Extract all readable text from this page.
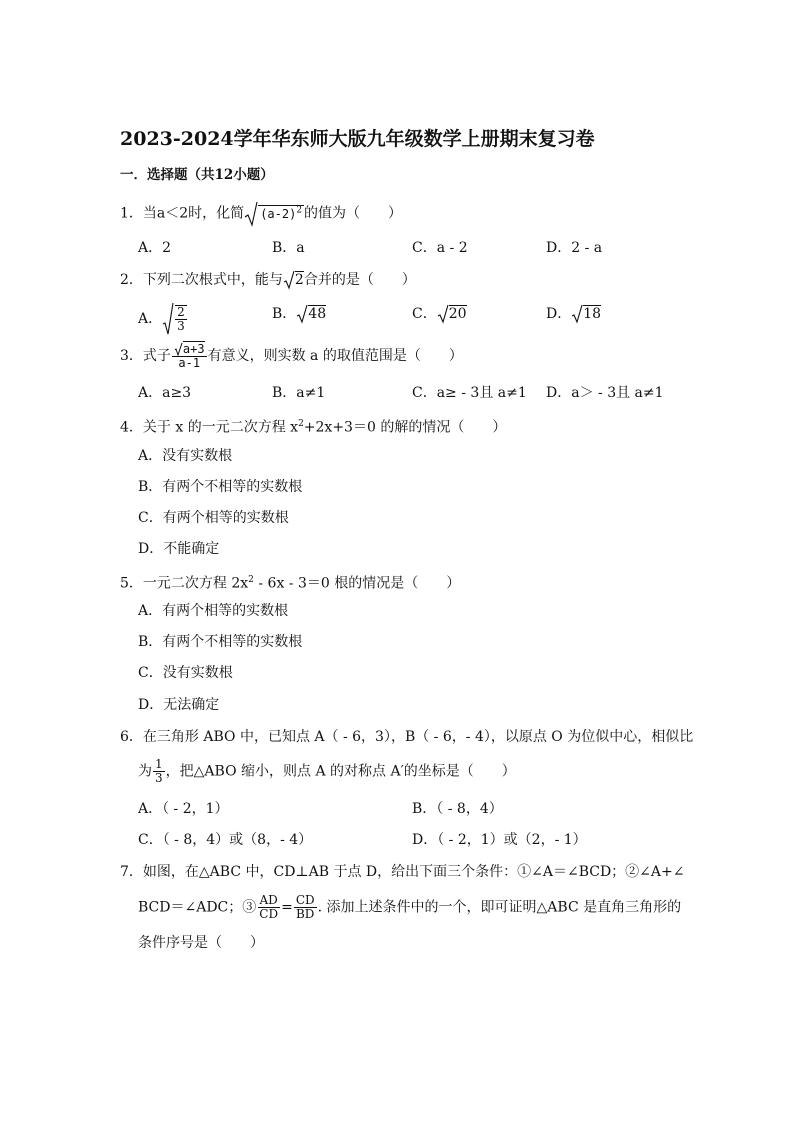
2023-2024学年华东师大版九年级数学上册期末复习卷
一．选择题（共12小题）
1．当a＜2时，化简 $(a-2)^2$ 的值为（　　）
A．2	B．a	C．a - 2	D．2 - a
2．下列二次根式中，能与 2合并的是（　　）
A． $\frac{2}{3}$	B． 48	C． 20	D． 18
3．式子 $\frac{a+3}{a-1}$ 有意义，则实数 a 的取值范围是（　　）
A．a≥3	B．a≠1	C．a≥ - 3且 a≠1 D．a＞ - 3且 a≠1
4．关于 x 的一元二次方程 $x^2+2x+3=0$ 的解的情况（　　）
A．没有实数根
B．有两个不相等的实数根
C．有两个相等的实数根
D．不能确定
5．一元二次方程 $2x^2 - 6x - 3=0$ 根的情况是（　　）
A．有两个相等的实数根
B．有两个不相等的实数根
C．没有实数根
D．无法确定
6．在三角形 ABO 中，已知点 A（ - 6，3），B（ - 6，- 4），以原点 O 为位似中心，相似比
为 $\frac{1}{3}$ ，把△ABO 缩小，则点 A 的对称点 A′的坐标是（　　）
A．（ - 2，1）	B．（ - 8，4）
C．（ - 8，4）或（8，- 4）	D．（ - 2，1）或（2，- 1）
7．如图，在△ABC 中，CD⊥AB 于点 D，给出下面三个条件：①∠A＝∠BCD；②∠A+∠
BCD＝∠ADC；③ $\frac{AD}{CD} = \frac{CD}{BD}$ . 添加上述条件中的一个，即可证明△ABC 是直角三角形的
条件序号是（　　）
